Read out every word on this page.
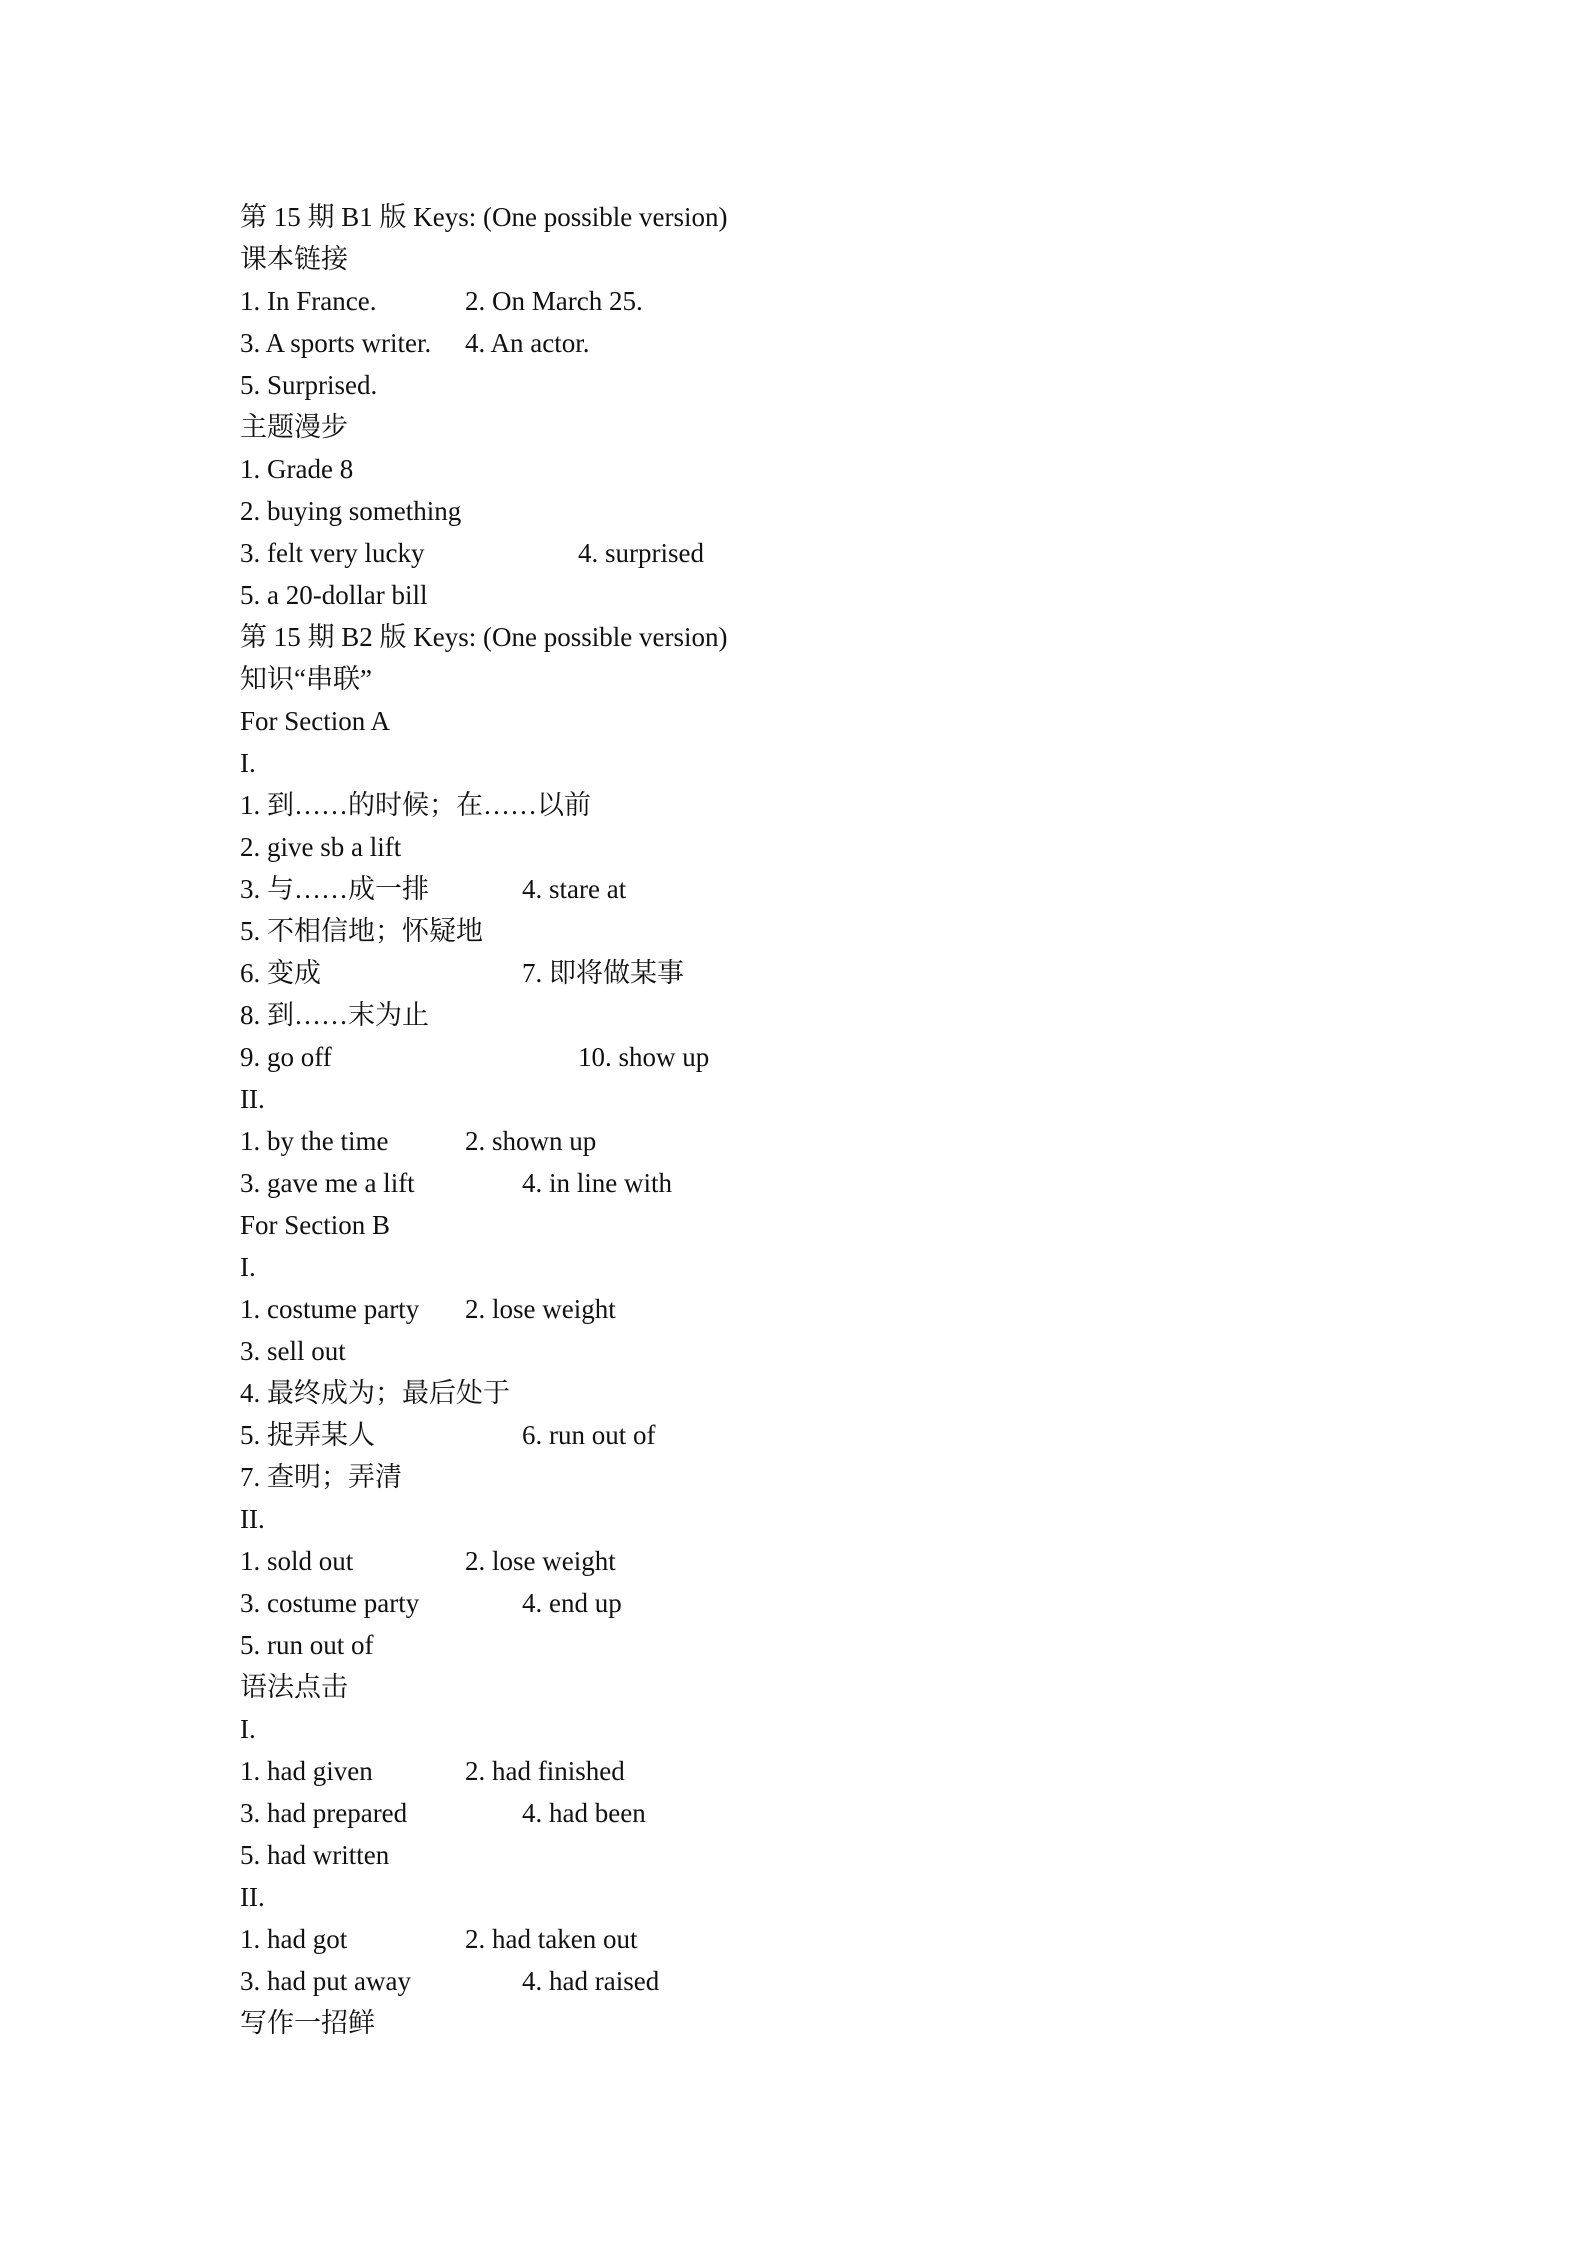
第 15 期 B1 版 Keys: (One possible version)
课本链接
1. In France.	2. On March 25.
3. A sports writer. 4. An actor.
5. Surprised.
主题漫步
1. Grade 8
2. buying something
3. felt very lucky	4. surprised
5. a 20-dollar bill
第 15 期 B2 版 Keys: (One possible version)
知识“串联”
For Section A
I.
1. 到……的时候；在……以前
2. give sb a lift
3. 与……成一排	4. stare at
5. 不相信地；怀疑地
6. 变成	7. 即将做某事
8. 到……末为止
9. go off	10. show up
II.
1. by the time	2. shown up
3. gave me a lift	4. in line with
For Section B
I.
1. costume party 2. lose weight
3. sell out
4. 最终成为；最后处于
5. 捉弄某人	6. run out of
7. 查明；弄清
II.
1. sold out	2. lose weight
3. costume party	4. end up
5. run out of
语法点击
I.
1. had given	2. had finished
3. had prepared	4. had been
5. had written
II.
1. had got	2. had taken out
3. had put away	4. had raised
写作一招鲜
